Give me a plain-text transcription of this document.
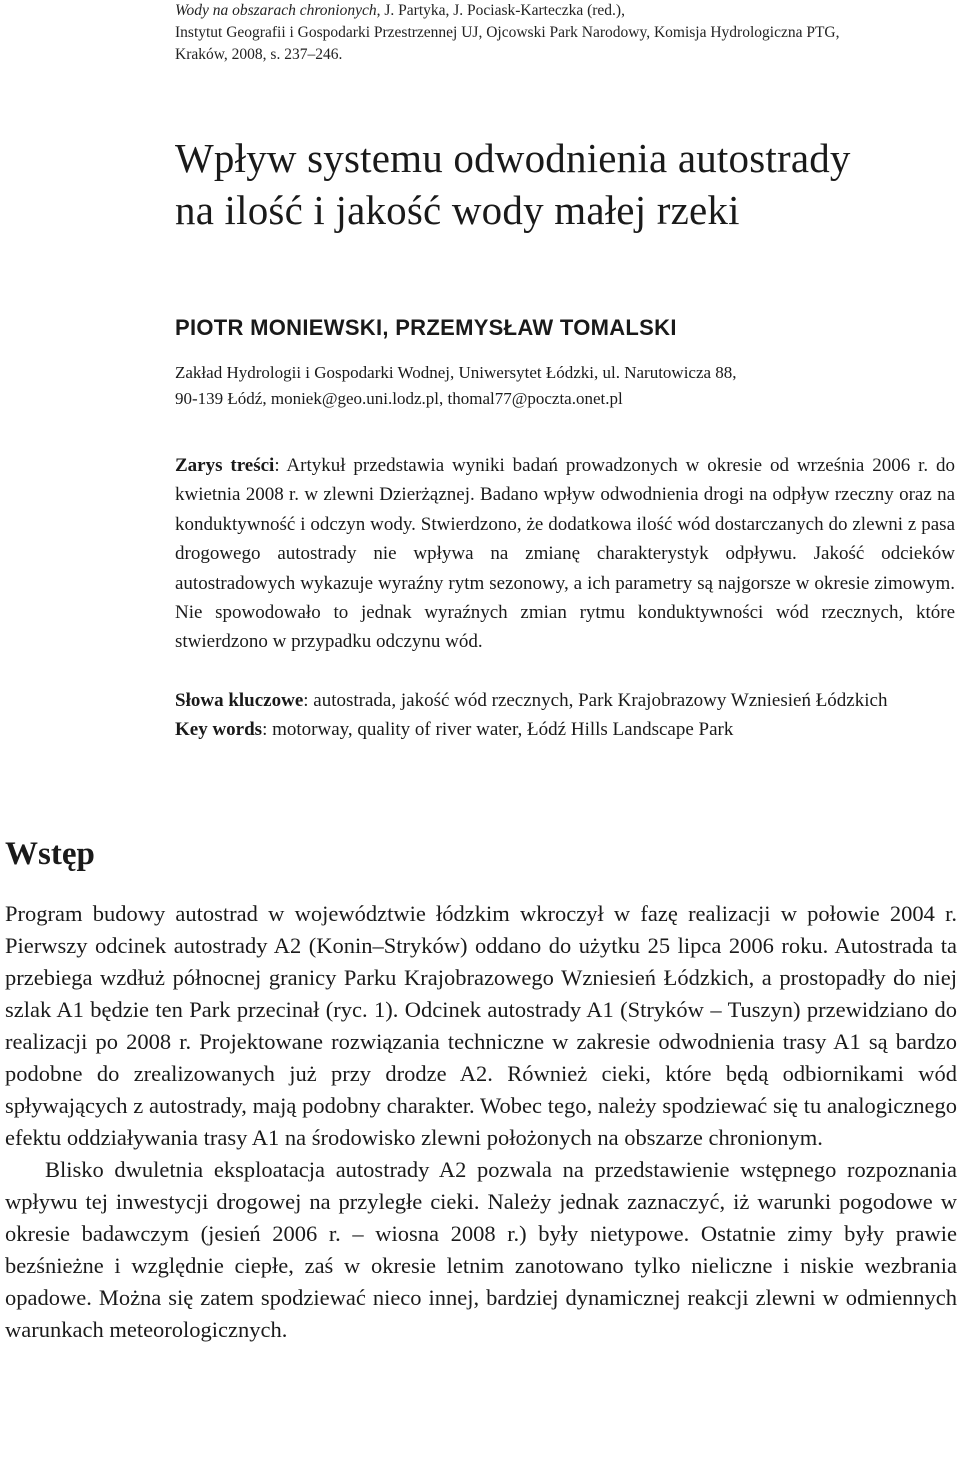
Wody na obszarach chronionych, J. Partyka, J. Pociask-Karteczka (red.),
Instytut Geografii i Gospodarki Przestrzennej UJ, Ojcowski Park Narodowy, Komisja Hydrologiczna PTG,
Kraków, 2008, s. 237–246.
Wpływ systemu odwodnienia autostrady
na ilość i jakość wody małej rzeki
PIOTR MONIEWSKI, PRZEMYSŁAW TOMALSKI
Zakład Hydrologii i Gospodarki Wodnej, Uniwersytet Łódzki, ul. Narutowicza 88,
90-139 Łódź, moniek@geo.uni.lodz.pl, thomal77@poczta.onet.pl

Zarys treści: Artykuł przedstawia wyniki badań prowadzonych w okresie od września 2006 r. do kwietnia 2008 r. w zlewni Dzierżąznej. Badano wpływ odwodnienia drogi na odpływ rzeczny oraz na konduktywność i odczyn wody. Stwierdzono, że dodatkowa ilość wód dostarczanych do zlewni z pasa drogowego autostrady nie wpływa na zmianę charakterystyk odpływu. Jakość odcieków autostradowych wykazuje wyraźny rytm sezonowy, a ich parametry są najgorsze w okresie zimowym. Nie spowodowało to jednak wyraźnych zmian rytmu konduktywności wód rzecznych, które stwierdzono w przypadku odczynu wód.

Słowa kluczowe: autostrada, jakość wód rzecznych, Park Krajobrazowy Wzniesień Łódzkich

Key words: motorway, quality of river water, Łódź Hills Landscape Park

Wstęp

Program budowy autostrad w województwie łódzkim wkroczył w fazę realizacji w połowie 2004 r. Pierwszy odcinek autostrady A2 (Konin–Stryków) oddano do użytku 25 lipca 2006 roku. Autostrada ta przebiega wzdłuż północnej granicy Parku Krajobrazowego Wzniesień Łódzkich, a prostopadły do niej szlak A1 będzie ten Park przecinał (ryc. 1). Odcinek autostrady A1 (Stryków – Tuszyn) przewidziano do realizacji po 2008 r. Projektowane rozwiązania techniczne w zakresie odwodnienia trasy A1 są bardzo podobne do zrealizowanych już przy drodze A2. Również cieki, które będą odbiornikami wód spływających z autostrady, mają podobny charakter. Wobec tego, należy spodziewać się tu analogicznego efektu oddziaływania trasy A1 na środowisko zlewni położonych na obszarze chronionym.

Blisko dwuletnia eksploatacja autostrady A2 pozwala na przedstawienie wstępnego rozpoznania wpływu tej inwestycji drogowej na przyległe cieki. Należy jednak zaznaczyć, iż warunki pogodowe w okresie badawczym (jesień 2006 r. – wiosna 2008 r.) były nietypowe. Ostatnie zimy były prawie bezśnieżne i względnie ciepłe, zaś w okresie letnim zanotowano tylko nieliczne i niskie wezbrania opadowe. Można się zatem spodziewać nieco innej, bardziej dynamicznej reakcji zlewni w odmiennych warunkach meteorologicznych.
